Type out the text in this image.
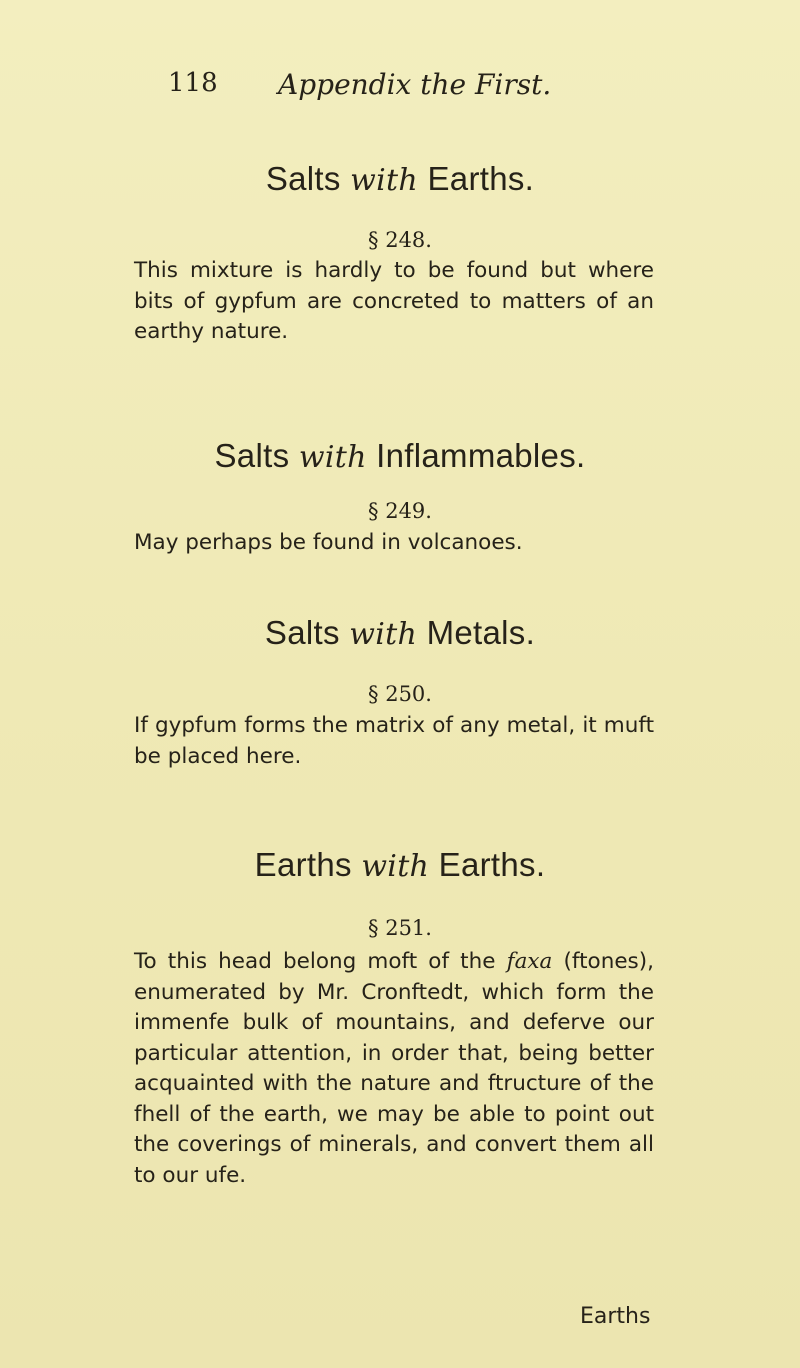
118 Appendix the First.
Salts with Earths.
§ 248.
This mixture is hardly to be found but where bits of gypfum are concreted to matters of an earthy nature.
Salts with Inflammables.
§ 249.
May perhaps be found in volcanoes.
Salts with Metals.
§ 250.
If gypfum forms the matrix of any metal, it muft be placed here.
Earths with Earths.
§ 251.
To this head belong moft of the faxa (ftones), enumerated by Mr. Cronftedt, which form the immenfe bulk of mountains, and deferve our particular attention, in order that, being better acquainted with the nature and ftructure of the fhell of the earth, we may be able to point out the coverings of minerals, and convert them all to our ufe.
Earths
